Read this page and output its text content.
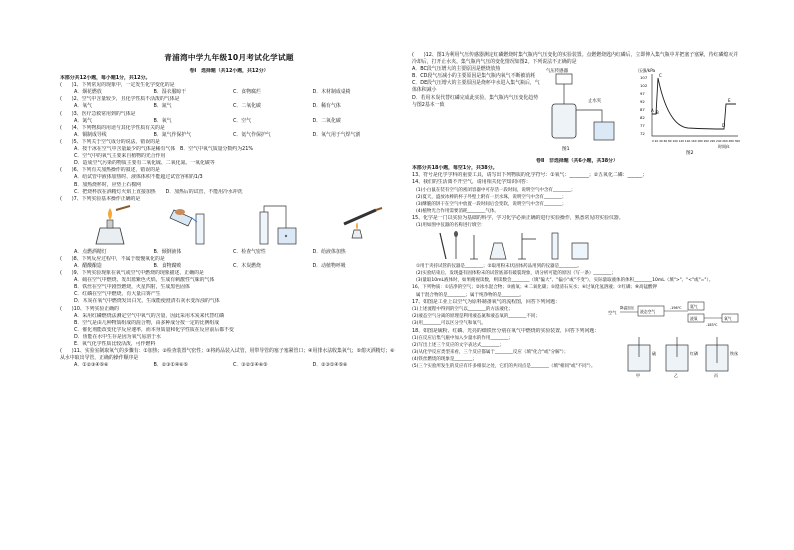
青浦湾中学九年级10月考试化学试题
卷Ⅰ　选择题（共12小题，共12分）
本部分共12小题，每小题1分，共12分。
(　　)1、下列常见的现象中，一定发生化学变化的是
A．烟花燃放	B．湿衣服晾干	C．食物腐烂	D．木材制成桌椅
(　　)2、空气中含量较少，且化学性质不活泼的气体是
A．氧气	B．氮气	C．二氧化碳	D．稀有气体
(　　)3、医疗急救常用到的气体是
A．氮气	B．氧气	C．空气	D．二氧化碳
(　　)4、下列物质的用途与其化学性质有关的是
A．铜制成导线	B．氮气作保护气	C．氦气作保护气	D．氧气用于气焊气割
(　　)5、下列关于空气成分的说法，错误的是
A．按干冰在空气中含量最少的气体是稀有气体　B．空气中氧气质量分数约为21%
C．空气中的氧气主要来自植物的光合作用
D．造成空气污染的物质主要有二氧化硫、二氧化氮、一氧化碳等
(　　)6、下列有关加热操作的叙述，错误的是
A．给试管中液体加热时，液体体积不能超过试管容积的1/3
B．加热烧杯时，应垫上石棉网
C．把烧杯放在酒精灯火焰上直接加热　　D．加热后的试管，不能用冷水冲洗
(　　)7、下列实验基本操作正确的是
A．点燃酒精灯	B．倾倒液体	C．检查气密性	D．给液体加热
(　　)8、下列反应过程中，不属于缓慢氧化的是
A．醋酸酿造	B．食物腐败	C．木炭燃烧	D．动植物呼吸
(　　)9、下列实验现象在氧气或空气中燃烧的现象描述，正确的是
A．硫在空气中燃烧，发出蓝紫色火焰，生成有刺激性气味的气体
B．铁丝在空气中剧烈燃烧，火星四射，生成黑色固体
C．红磷在空气中燃烧，有大量白雾产生
D．木炭在氧气中燃烧发出白光，生成能使澄清石灰水变浑浊的气体
(　　)10、下列实验正确的
A．采用红磷燃烧法测定空气中氧气的含量，因此采用木炭来代替红磷
B．空气是由几种物质组成的混合物，由多种成分按一定的比例组成
C．催化剂能改变化学反应速率，而本身质量和化学性质在反应前后都不变
D．鱼能在水中生存是因为氧气易溶于水
E．氧气化学性质比较活泼，可作燃料
(　　)11、实验室制取氧气的步骤有：①加热；②检查装置气密性；③将药品装入试管，用带导管的塞子塞紧管口；④用排水法收集氧气；⑤熄灭酒精灯；⑥从水中取出导管，正确的操作顺序是
A．①②③④⑤⑥	B．②③①④⑥⑤	C．③②①④⑥⑤	D．②③①④⑤⑥
(　　)12、图1为利用气压传感器测定红磷燃烧时集气瓶内气压变化的实验装置。点燃燃烧匙内红磷后，立即伸入集气瓶中并把塞子塞紧，待红磷熄灭并冷却后，打开止水夹。集气瓶内气压的变化情况如图2。下列说法不正确的是
A．BC段气压增大的主要原因是燃烧放热
B．CD段气压减小的主要原因是集气瓶内氧气不断被消耗
C．DE段气压增大的主要原因是烧杯中水进入集气瓶后，气体体积减小
D．若用木炭代替红磷完成此实验，集气瓶内气压变化趋势与图2基本一致
气压传感器
止水夹
图1
压强/kPa
107
102
97
92
87
82
77
72
A B
C
D
E
0 20 40 60 80 100 120 140 160 180 200 220 240 260 280 300
时间/s
图2
卷Ⅱ　非选择题（共6小题，共38分）
本部分共18小题，每空1分，共38分。
13、符号是化学学科的重要工具，请写出下列物质的化学符号：①氧气：________；②五氧化二磷：______；
14、我们的生活离不开空气，请用相关化学知识回答：
(1)小白鼠在装有空气的密闭容器中可存活一段时间，说明空气中含有________；
(2)夏天，盛放冰棒的杯子外壁上附有一层水珠，说明空气中含有________；
(3)酥脆的饼干在空气中放置一段时间后会变软，说明空气中含有________；
(4)植物光合作用需要消耗________气体。
15、化学是一门以实验为基础的科学，学习化学必须正确的进行实验操作，熟悉常见的实验仪器。
(1)用如图中仪器的名称进行填空：
①用于夹持试管的仪器是________；②取用粉末状固体药品用到的仪器是________。
(2)实验结束后，发现盛有固体粉末的试管底部有破裂现象，请分析可能的原因（写一条）________；
(3)量取10mL液体时，如果俯视读数，则读数会________（填"偏大"、"偏小"或"不变"），实际量取液体的体积________10mL（填">"、"<"或"="）。
16、下列物质：①洁净的空气；②冰水混合物；③液氧；④二氧化碳；⑤澄清石灰水；⑥过氧化氢溶液；⑦红磷；⑧高锰酸钾
属于混合物的是________；属于纯净物的是________。
17、如图是工业上以空气为原料制备氧气的流程图，回答下列问题：
(1)上述流程中得到的空气以________的方法液化；
(2)液态空气分离的原理是利用液态氮和液态氧的________不同；
(3)用________可以区分空气和氧气。
空气
降温加压
液态空气
-196℃ 氮气
液氧
-183℃
氧气
18、如图是硫粉、红磷、光亮的细铁丝分别在氧气中燃烧的实验装置，回答下列问题：
(1)在反应后集气瓶中加入少量水的作用________；
(2)写出上述三个反应的文字表达式________；
(3)从化学反应类型来看，三个反应都属于________反应（填"化合"或"分解"）；
(4)铁丝燃烧的现象是________；
(5)三个实验所发生的反应有许多相似之处，它们的共同点是________（填"相同"或"不同"）。
硫
甲
红磷
乙
铁丝
丙
